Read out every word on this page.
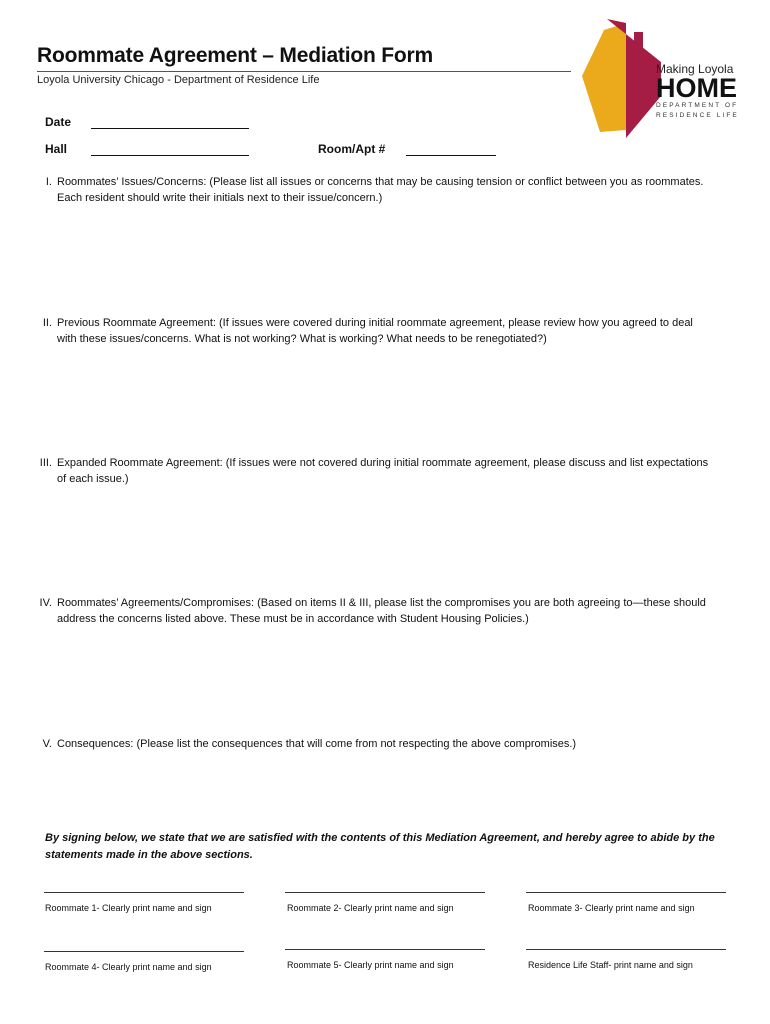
Roommate Agreement – Mediation Form
Loyola University Chicago - Department of Residence Life
Making Loyola
HOME
DEPARTMENT OF
RESIDENCE LIFE
Date
Hall	Room/Apt #
I. Roommates’ Issues/Concerns: (Please list all issues or concerns that may be causing tension or conflict between you as roommates. Each resident should write their initials next to their issue/concern.)
II. Previous Roommate Agreement: (If issues were covered during initial roommate agreement, please review how you agreed to deal with these issues/concerns. What is not working? What is working? What needs to be renegotiated?)
III. Expanded Roommate Agreement: (If issues were not covered during initial roommate agreement, please discuss and list expectations of each issue.)
IV. Roommates’ Agreements/Compromises: (Based on items II & III, please list the compromises you are both agreeing to—these should address the concerns listed above. These must be in accordance with Student Housing Policies.)
V. Consequences: (Please list the consequences that will come from not respecting the above compromises.)
By signing below, we state that we are satisfied with the contents of this Mediation Agreement, and hereby agree to abide by the statements made in the above sections.
Roommate 1- Clearly print name and sign	Roommate 2- Clearly print name and sign	Roommate 3- Clearly print name and sign
Roommate 4- Clearly print name and sign	Roommate 5- Clearly print name and sign	Residence Life Staff- print name and sign
